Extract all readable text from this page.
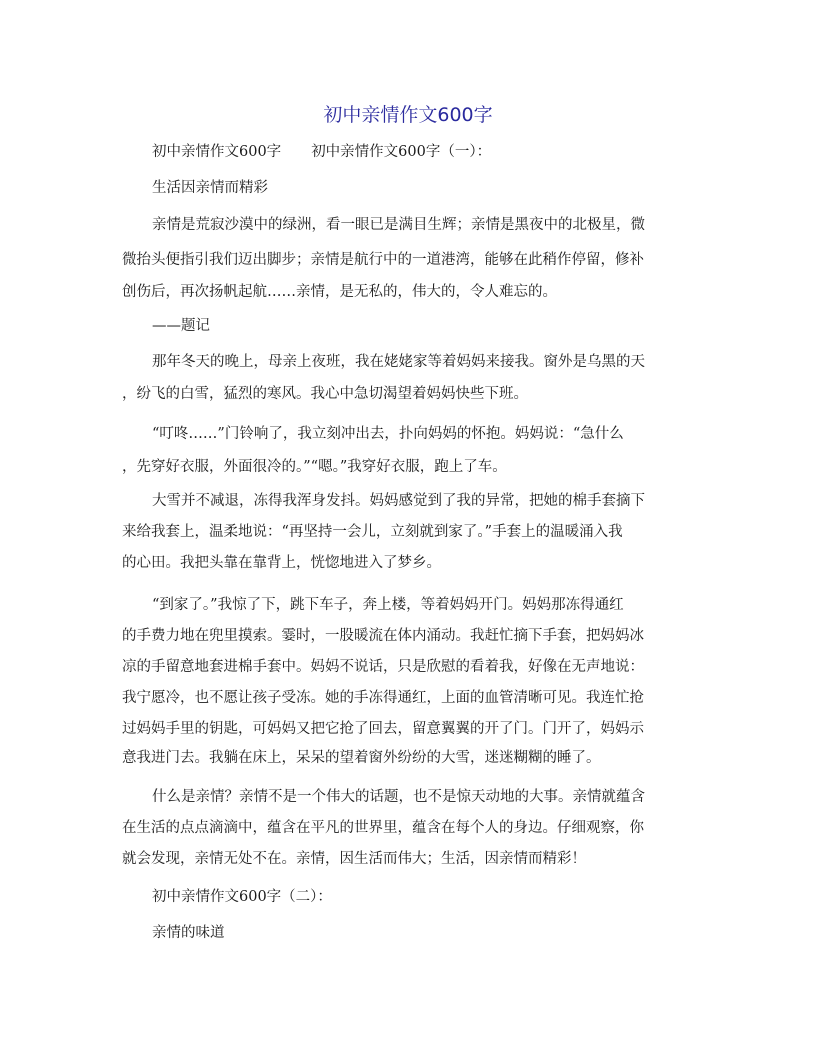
初中亲情作文600字
初中亲情作文600字 初中亲情作文600字（一）：
生活因亲情而精彩
亲情是荒寂沙漠中的绿洲，看一眼已是满目生辉；亲情是黑夜中的北极星，微
微抬头便指引我们迈出脚步；亲情是航行中的一道港湾，能够在此稍作停留，修补
创伤后，再次扬帆起航……亲情，是无私的，伟大的，令人难忘的。
——题记
那年冬天的晚上，母亲上夜班，我在姥姥家等着妈妈来接我。窗外是乌黑的天
，纷飞的白雪，猛烈的寒风。我心中急切渴望着妈妈快些下班。
“叮咚……”门铃响了，我立刻冲出去，扑向妈妈的怀抱。妈妈说：“急什么
，先穿好衣服，外面很冷的。”“嗯。”我穿好衣服，跑上了车。
大雪并不减退，冻得我浑身发抖。妈妈感觉到了我的异常，把她的棉手套摘下
来给我套上，温柔地说：“再坚持一会儿，立刻就到家了。”手套上的温暖涌入我
的心田。我把头靠在靠背上，恍惚地进入了梦乡。
“到家了。”我惊了下，跳下车子，奔上楼，等着妈妈开门。妈妈那冻得通红
的手费力地在兜里摸索。霎时，一股暖流在体内涌动。我赶忙摘下手套，把妈妈冰
凉的手留意地套进棉手套中。妈妈不说话，只是欣慰的看着我，好像在无声地说：
我宁愿冷，也不愿让孩子受冻。她的手冻得通红，上面的血管清晰可见。我连忙抢
过妈妈手里的钥匙，可妈妈又把它抢了回去，留意翼翼的开了门。门开了，妈妈示
意我进门去。我躺在床上，呆呆的望着窗外纷纷的大雪，迷迷糊糊的睡了。
什么是亲情？亲情不是一个伟大的话题，也不是惊天动地的大事。亲情就蕴含
在生活的点点滴滴中，蕴含在平凡的世界里，蕴含在每个人的身边。仔细观察，你
就会发现，亲情无处不在。亲情，因生活而伟大；生活，因亲情而精彩！
初中亲情作文600字（二）：
亲情的味道
